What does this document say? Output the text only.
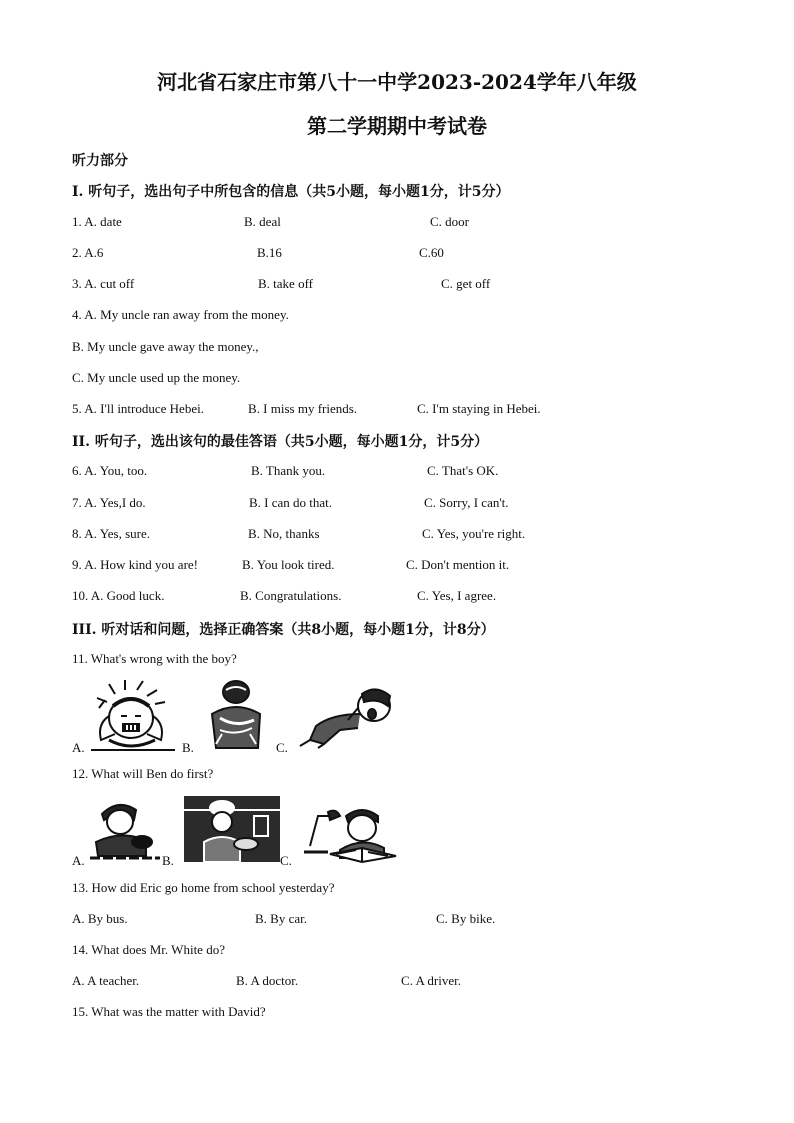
河北省石家庄市第八十一中学2023-2024学年八年级
第二学期期中考试卷
听力部分
I. 听句子，选出句子中所包含的信息（共5小题，每小题1分，计5分）
1. A. date	B. deal	C. door
2. A.6	B.16	C.60
3. A. cut off	B. take off	C. get off
4. A. My uncle ran away from the money.
B. My uncle gave away the money.,
C. My uncle used up the money.
5. A. I'll introduce Hebei.	B. I miss my friends.	C. I'm staying in Hebei.
II. 听句子，选出该句的最佳答语（共5小题，每小题1分，计5分）
6. A. You, too.	B. Thank you.	C. That's OK.
7. A. Yes,I do.	B. I can do that.	C. Sorry, I can't.
8. A. Yes, sure.	B. No, thanks	C. Yes, you're right.
9. A. How kind you are!	B. You look tired.	C. Don't mention it.
10. A. Good luck.	B. Congratulations.	C. Yes, I agree.
III. 听对话和问题，选择正确答案（共8小题，每小题1分，计8分）
11. What's wrong with the boy?
A.	B.	C.
12. What will Ben do first?
A.	B.	C.
13. How did Eric go home from school yesterday?
A. By bus.	B. By car.	C. By bike.
14. What does Mr. White do?
A. A teacher.	B. A doctor.	C. A driver.
15. What was the matter with David?
